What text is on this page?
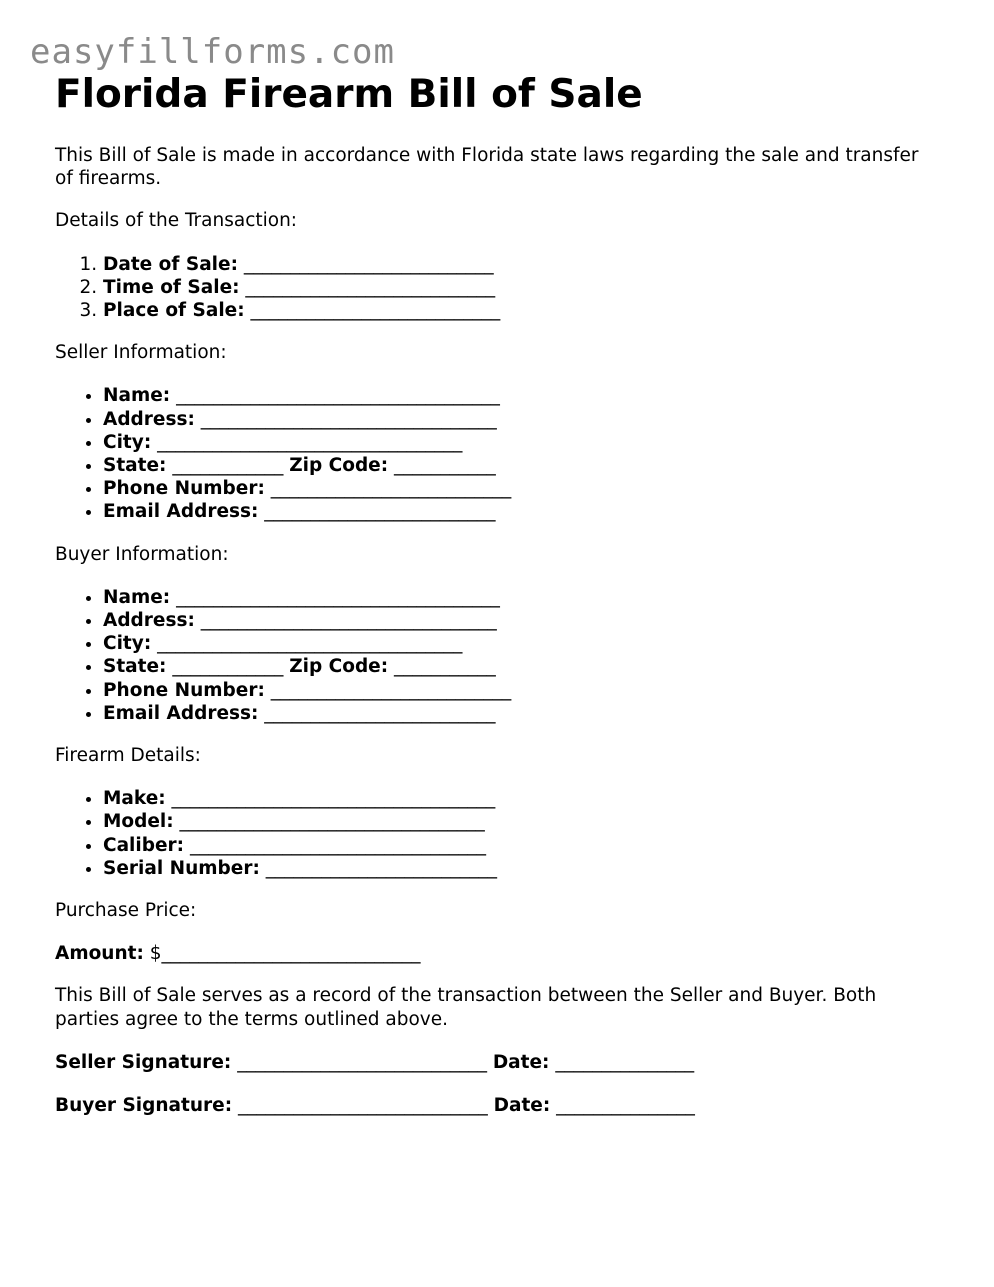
easyfillforms.com
Florida Firearm Bill of Sale

This Bill of Sale is made in accordance with Florida state laws regarding the sale and transfer of firearms.

Details of the Transaction:

1. Date of Sale: ___________________________
2. Time of Sale: ___________________________
3. Place of Sale: ___________________________

Seller Information:

• Name: ___________________________________
• Address: ________________________________
• City: _________________________________
• State: ____________ Zip Code: ___________
• Phone Number: __________________________
• Email Address: _________________________

Buyer Information:

• Name: ___________________________________
• Address: ________________________________
• City: _________________________________
• State: ____________ Zip Code: ___________
• Phone Number: __________________________
• Email Address: _________________________

Firearm Details:

• Make: ___________________________________
• Model: _________________________________
• Caliber: ________________________________
• Serial Number: _________________________

Purchase Price:

Amount: $____________________________

This Bill of Sale serves as a record of the transaction between the Seller and Buyer. Both parties agree to the terms outlined above.

Seller Signature: ___________________________ Date: _______________

Buyer Signature: ___________________________ Date: _______________
